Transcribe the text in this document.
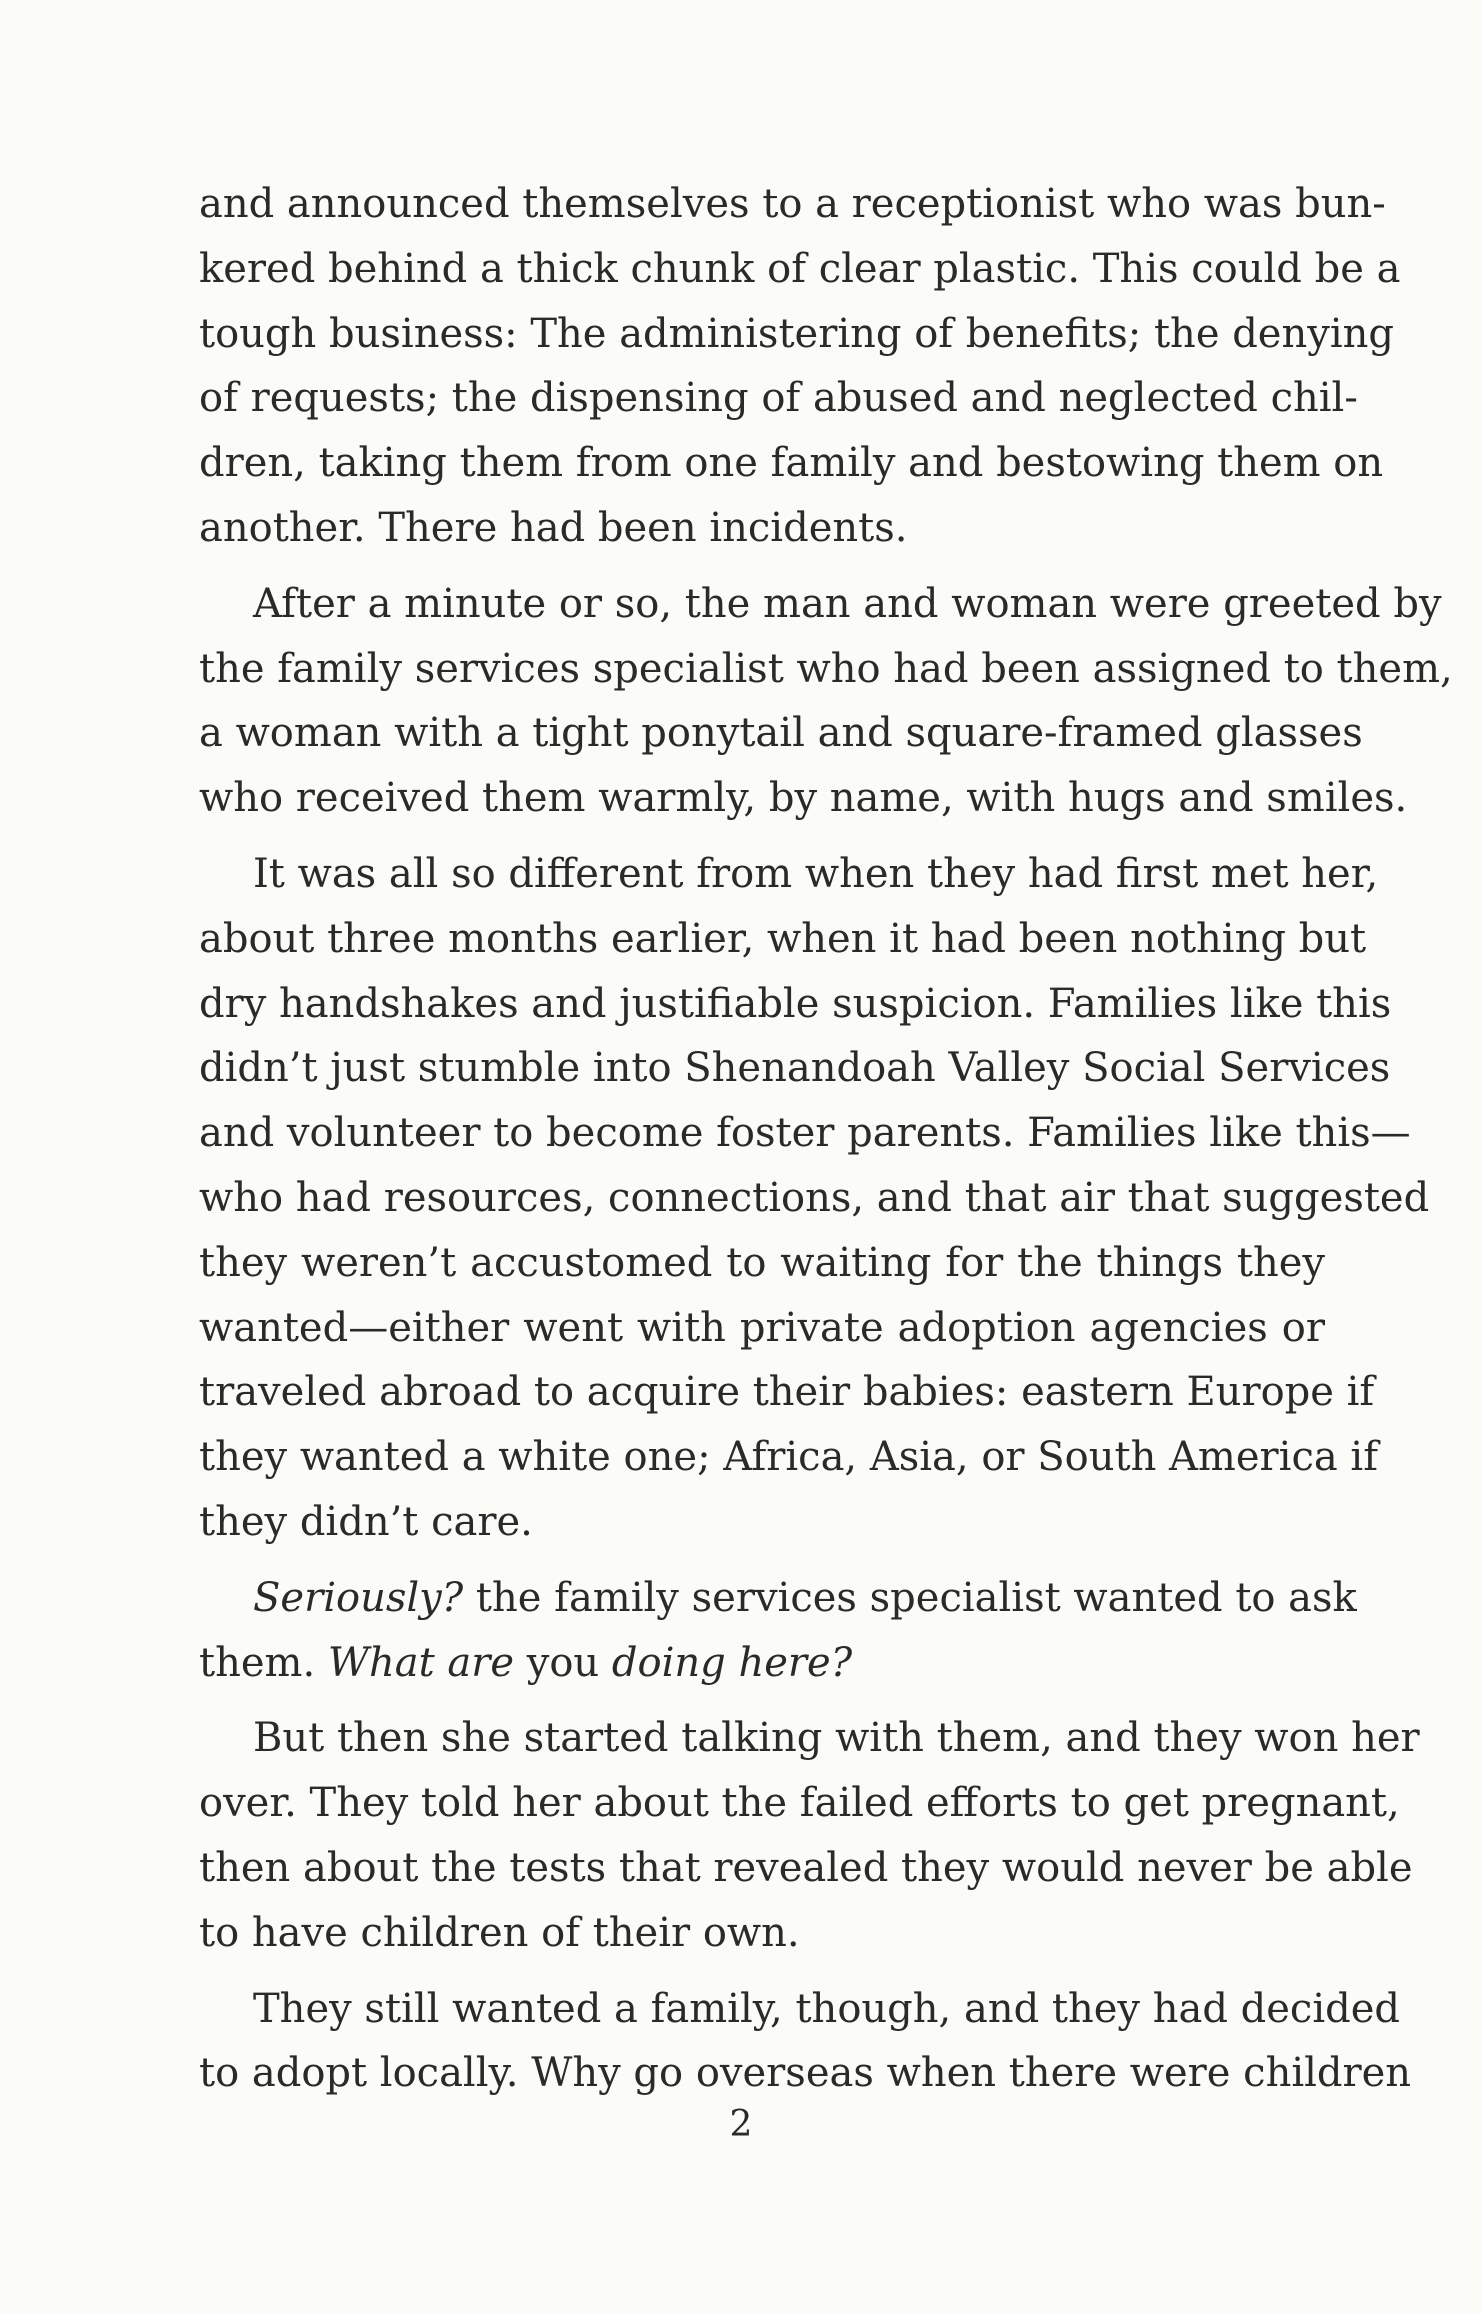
and announced themselves to a receptionist who was bun-
kered behind a thick chunk of clear plastic. This could be a
tough business: The administering of benefits; the denying
of requests; the dispensing of abused and neglected chil-
dren, taking them from one family and bestowing them on
another. There had been incidents.

After a minute or so, the man and woman were greeted by
the family services specialist who had been assigned to them,
a woman with a tight ponytail and square-framed glasses
who received them warmly, by name, with hugs and smiles.

It was all so different from when they had first met her,
about three months earlier, when it had been nothing but
dry handshakes and justifiable suspicion. Families like this
didn’t just stumble into Shenandoah Valley Social Services
and volunteer to become foster parents. Families like this—
who had resources, connections, and that air that suggested
they weren’t accustomed to waiting for the things they
wanted—either went with private adoption agencies or
traveled abroad to acquire their babies: eastern Europe if
they wanted a white one; Africa, Asia, or South America if
they didn’t care.

Seriously? the family services specialist wanted to ask
them. What are you doing here?

But then she started talking with them, and they won her
over. They told her about the failed efforts to get pregnant,
then about the tests that revealed they would never be able
to have children of their own.

They still wanted a family, though, and they had decided
to adopt locally. Why go overseas when there were children

2
